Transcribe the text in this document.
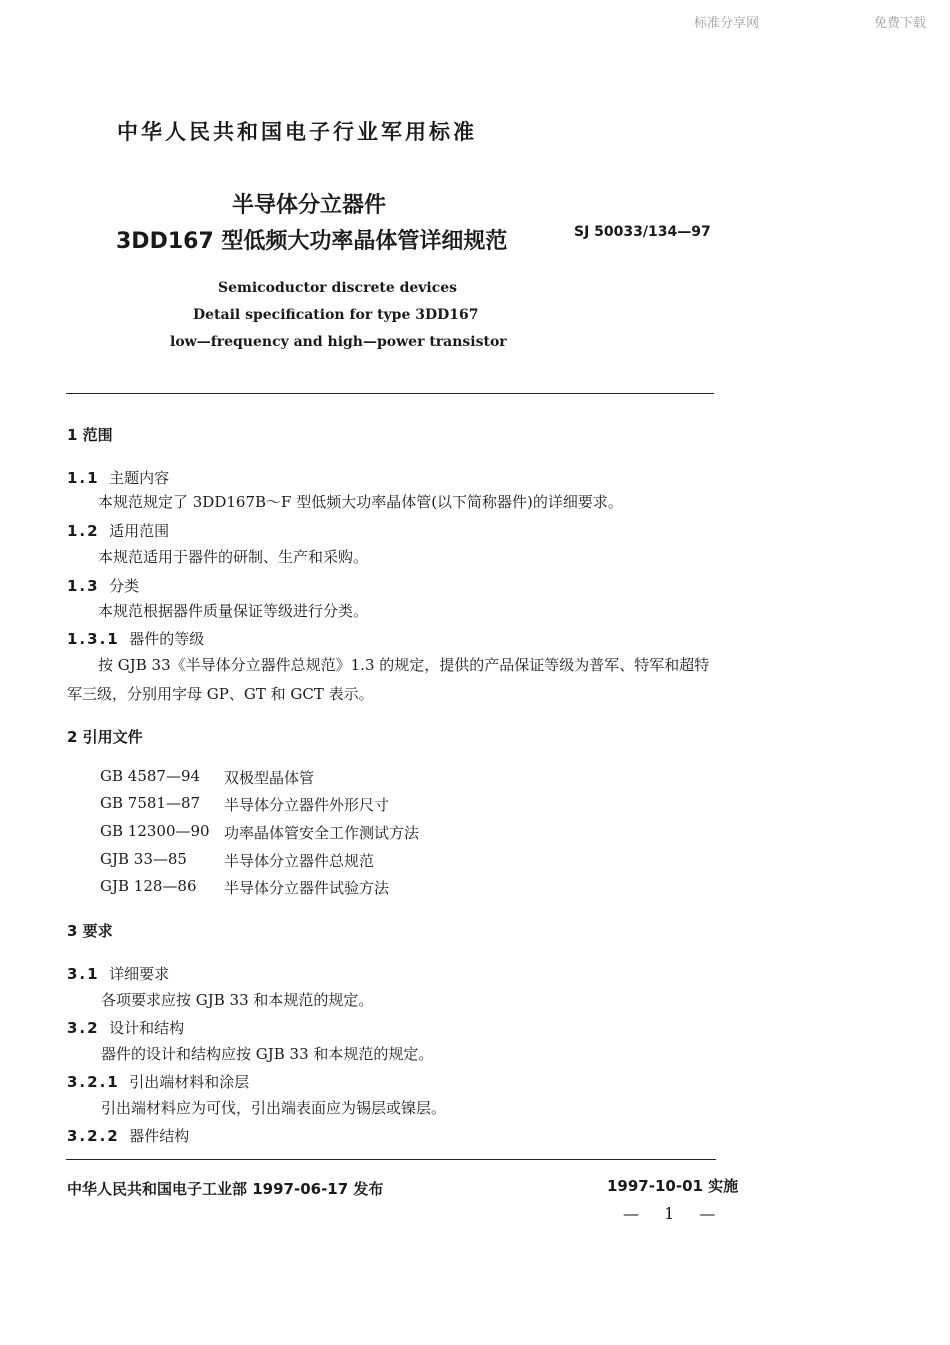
标准分享网	免费下载
中华人民共和国电子行业军用标准
半导体分立器件
3DD167 型低频大功率晶体管详细规范	SJ 50033/134—97
Semicoductor discrete devices
Detail specification for type 3DD167
low—frequency and high—power transistor
1 范围
1.1 主题内容
本规范规定了 3DD167B～F 型低频大功率晶体管(以下简称器件)的详细要求。
1.2 适用范围
本规范适用于器件的研制、生产和采购。
1.3 分类
本规范根据器件质量保证等级进行分类。
1.3.1 器件的等级
按 GJB 33《半导体分立器件总规范》1.3 的规定，提供的产品保证等级为普军、特军和超特
军三级，分别用字母 GP、GT 和 GCT 表示。
2 引用文件
GB 4587—94 双极型晶体管
GB 7581—87 半导体分立器件外形尺寸
GB 12300—90 功率晶体管安全工作测试方法
GJB 33—85 半导体分立器件总规范
GJB 128—86 半导体分立器件试验方法
3 要求
3.1 详细要求
各项要求应按 GJB 33 和本规范的规定。
3.2 设计和结构
器件的设计和结构应按 GJB 33 和本规范的规定。
3.2.1 引出端材料和涂层
引出端材料应为可伐，引出端表面应为锡层或镍层。
3.2.2 器件结构
中华人民共和国电子工业部 1997-06-17 发布	1997-10-01 实施
— 1 —
